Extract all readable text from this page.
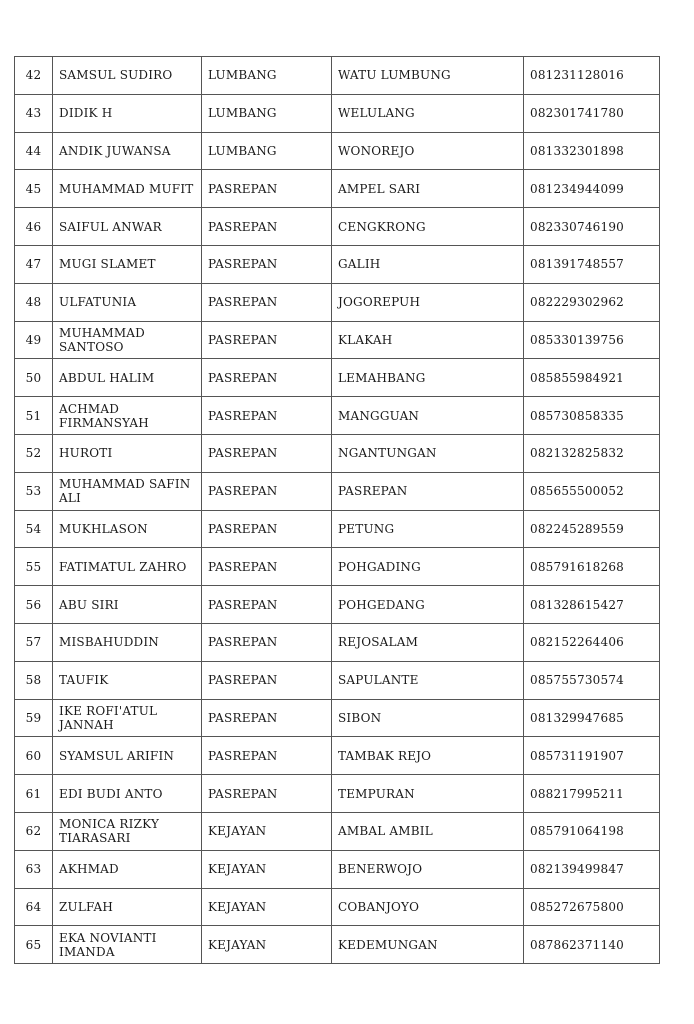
42	SAMSUL SUDIRO	LUMBANG	WATU LUMBUNG	081231128016
43	DIDIK H	LUMBANG	WELULANG	082301741780
44	ANDIK JUWANSA	LUMBANG	WONOREJO	081332301898
45	MUHAMMAD MUFIT	PASREPAN	AMPEL SARI	081234944099
46	SAIFUL ANWAR	PASREPAN	CENGKRONG	082330746190
47	MUGI SLAMET	PASREPAN	GALIH	081391748557
48	ULFATUNIA	PASREPAN	JOGOREPUH	082229302962
49	MUHAMMAD SANTOSO	PASREPAN	KLAKAH	085330139756
50	ABDUL HALIM	PASREPAN	LEMAHBANG	085855984921
51	ACHMAD FIRMANSYAH	PASREPAN	MANGGUAN	085730858335
52	HUROTI	PASREPAN	NGANTUNGAN	082132825832
53	MUHAMMAD SAFIN ALI	PASREPAN	PASREPAN	085655500052
54	MUKHLASON	PASREPAN	PETUNG	082245289559
55	FATIMATUL ZAHRO	PASREPAN	POHGADING	085791618268
56	ABU SIRI	PASREPAN	POHGEDANG	081328615427
57	MISBAHUDDIN	PASREPAN	REJOSALAM	082152264406
58	TAUFIK	PASREPAN	SAPULANTE	085755730574
59	IKE ROFI'ATUL JANNAH	PASREPAN	SIBON	081329947685
60	SYAMSUL ARIFIN	PASREPAN	TAMBAK REJO	085731191907
61	EDI BUDI ANTO	PASREPAN	TEMPURAN	088217995211
62	MONICA RIZKY TIARASARI	KEJAYAN	AMBAL AMBIL	085791064198
63	AKHMAD	KEJAYAN	BENERWOJO	082139499847
64	ZULFAH	KEJAYAN	COBANJOYO	085272675800
65	EKA NOVIANTI IMANDA	KEJAYAN	KEDEMUNGAN	087862371140
